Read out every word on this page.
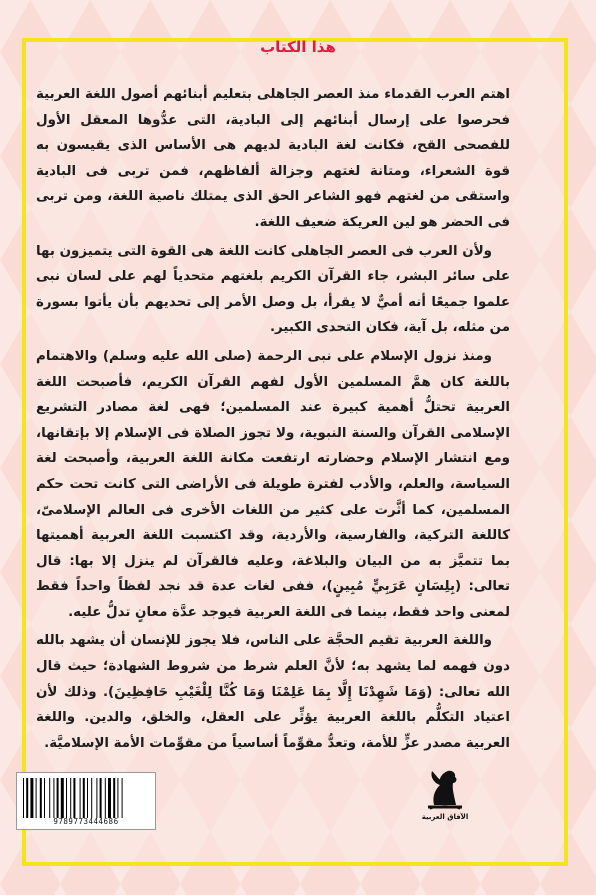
هذا الكتاب

اهتم العرب القدماء منذ العصر الجاهلى بتعليم أبنائهم أصول اللغة العربية فحرصوا على إرسال أبنائهم إلى البادية، التى عدُّوها المعقل الأول للفصحى القح، فكانت لغة البادية لديهم هى الأساس الذى يقيسون به قوة الشعراء، ومتانة لغتهم وجزالة ألفاظهم، فمن تربى فى البادية واستقى من لغتهم فهو الشاعر الحق الذى يمتلك ناصية اللغة، ومن تربى فى الحضر هو لين العريكة ضعيف اللغة.

ولأن العرب فى العصر الجاهلى كانت اللغة هى القوة التى يتميزون بها على سائر البشر، جاء القرآن الكريم بلغتهم متحدياً لهم على لسان نبى علموا جميعًا أنه أميٌّ لا يقرأ، بل وصل الأمر إلى تحديهم بأن يأتوا بسورة من مثله، بل آية، فكان التحدى الكبير.

ومنذ نزول الإسلام على نبى الرحمة (صلى الله عليه وسلم) والاهتمام باللغة كان همَّ المسلمين الأول لفهم القرآن الكريم، فأصبحت اللغة العربية تحتلُّ أهمية كبيرة عند المسلمين؛ فهى لغة مصادر التشريع الإسلامى القرآن والسنة النبوية، ولا تجوز الصلاة فى الإسلام إلا بإتقانها، ومع انتشار الإسلام وحضارته ارتفعت مكانة اللغة العربية، وأصبحت لغة السياسة، والعلم، والأدب لفترة طويلة فى الأراضى التى كانت تحت حكم المسلمين، كما أثَّرت على كثير من اللغات الأخرى فى العالم الإسلامىّ، كاللغة التركية، والفارسية، والأردية، وقد اكتسبت اللغة العربية أهميتها بما تتميَّز به من البيان والبلاغة، وعليه فالقرآن لم ينزل إلا بها: قال تعالى: (بِلِسَانٍ عَرَبِيٍّ مُبِينٍ)، ففى لغات عدة قد نجد لفظاً واحداً فقط لمعنى واحد فقط، بينما فى اللغة العربية فيوجد عدَّة معانٍ تدلُّ عليه.

واللغة العربية تقيم الحجَّة على الناس، فلا يجوز للإنسان أن يشهد بالله دون فهمه لما يشهد به؛ لأنَّ العلم شرط من شروط الشهادة؛ حيث قال الله تعالى: (وَمَا شَهِدْنَا إِلَّا بِمَا عَلِمْنَا وَمَا كُنَّا لِلْغَيْبِ حَافِظِينَ). وذلك لأن اعتياد التكلُّم باللغة العربية يؤثِّر على العقل، والخلق، والدين. واللغة العربية مصدر عزٍّ للأمة، وتعدُّ مقوِّماً أساسياً من مقوِّمات الأمة الإسلاميَّة.

9789773444686	الآفاق العربية
